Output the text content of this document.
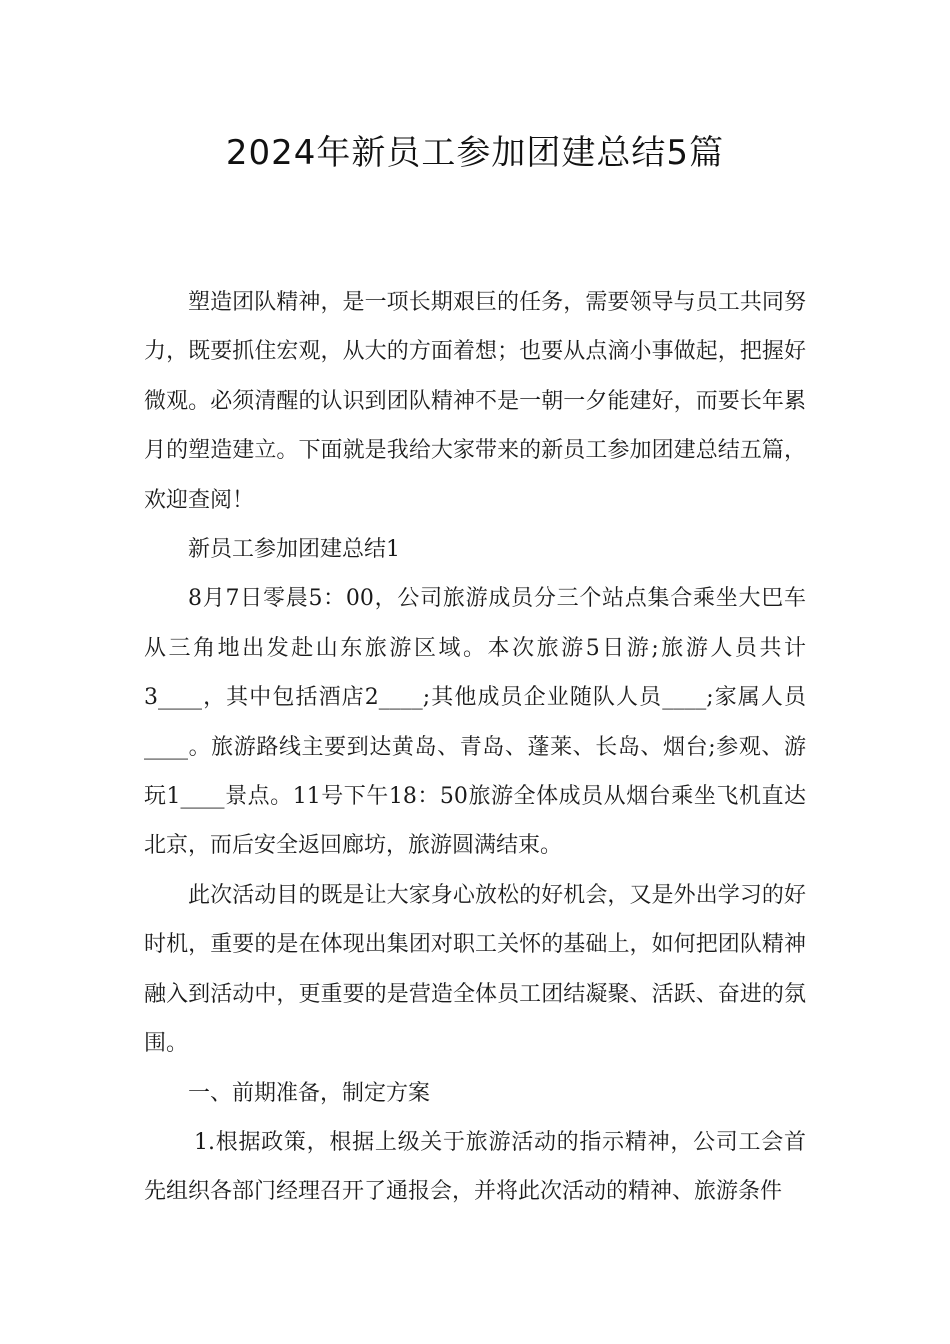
2024年新员工参加团建总结5篇

塑造团队精神，是一项长期艰巨的任务，需要领导与员工共同努力，既要抓住宏观，从大的方面着想；也要从点滴小事做起，把握好微观。必须清醒的认识到团队精神不是一朝一夕能建好，而要长年累月的塑造建立。下面就是我给大家带来的新员工参加团建总结五篇，欢迎查阅！

新员工参加团建总结1

8月7日零晨5：00，公司旅游成员分三个站点集合乘坐大巴车从三角地出发赴山东旅游区域。本次旅游5日游;旅游人员共计3____，其中包括酒店2____;其他成员企业随队人员____;家属人员____。旅游路线主要到达黄岛、青岛、蓬莱、长岛、烟台;参观、游玩1____景点。11号下午18：50旅游全体成员从烟台乘坐飞机直达北京，而后安全返回廊坊，旅游圆满结束。

此次活动目的既是让大家身心放松的好机会，又是外出学习的好时机，重要的是在体现出集团对职工关怀的基础上，如何把团队精神融入到活动中，更重要的是营造全体员工团结凝聚、活跃、奋进的氛围。

一、前期准备，制定方案

1.根据政策，根据上级关于旅游活动的指示精神，公司工会首先组织各部门经理召开了通报会，并将此次活动的精神、旅游条件
